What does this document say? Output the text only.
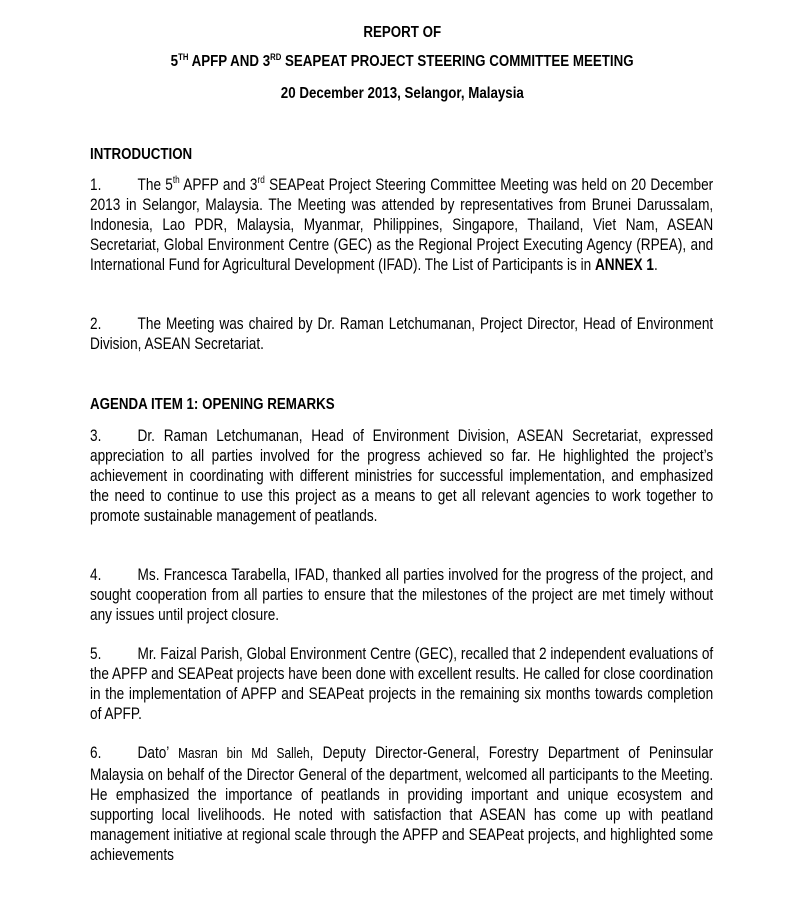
REPORT OF
5TH APFP AND 3RD SEAPEAT PROJECT STEERING COMMITTEE MEETING
20 December 2013, Selangor, Malaysia
INTRODUCTION
1. The 5th APFP and 3rd SEAPeat Project Steering Committee Meeting was held on 20 December 2013 in Selangor, Malaysia. The Meeting was attended by representatives from Brunei Darussalam, Indonesia, Lao PDR, Malaysia, Myanmar, Philippines, Singapore, Thailand, Viet Nam, ASEAN Secretariat, Global Environment Centre (GEC) as the Regional Project Executing Agency (RPEA), and International Fund for Agricultural Development (IFAD). The List of Participants is in ANNEX 1.
2. The Meeting was chaired by Dr. Raman Letchumanan, Project Director, Head of Environment Division, ASEAN Secretariat.
AGENDA ITEM 1: OPENING REMARKS
3. Dr. Raman Letchumanan, Head of Environment Division, ASEAN Secretariat, expressed appreciation to all parties involved for the progress achieved so far. He highlighted the project’s achievement in coordinating with different ministries for successful implementation, and emphasized the need to continue to use this project as a means to get all relevant agencies to work together to promote sustainable management of peatlands.
4. Ms. Francesca Tarabella, IFAD, thanked all parties involved for the progress of the project, and sought cooperation from all parties to ensure that the milestones of the project are met timely without any issues until project closure.
5. Mr. Faizal Parish, Global Environment Centre (GEC), recalled that 2 independent evaluations of the APFP and SEAPeat projects have been done with excellent results. He called for close coordination in the implementation of APFP and SEAPeat projects in the remaining six months towards completion of APFP.
6. Dato’ Masran bin Md Salleh, Deputy Director-General, Forestry Department of Peninsular Malaysia on behalf of the Director General of the department, welcomed all participants to the Meeting. He emphasized the importance of peatlands in providing important and unique ecosystem and supporting local livelihoods. He noted with satisfaction that ASEAN has come up with peatland management initiative at regional scale through the APFP and SEAPeat projects, and highlighted some achievements
